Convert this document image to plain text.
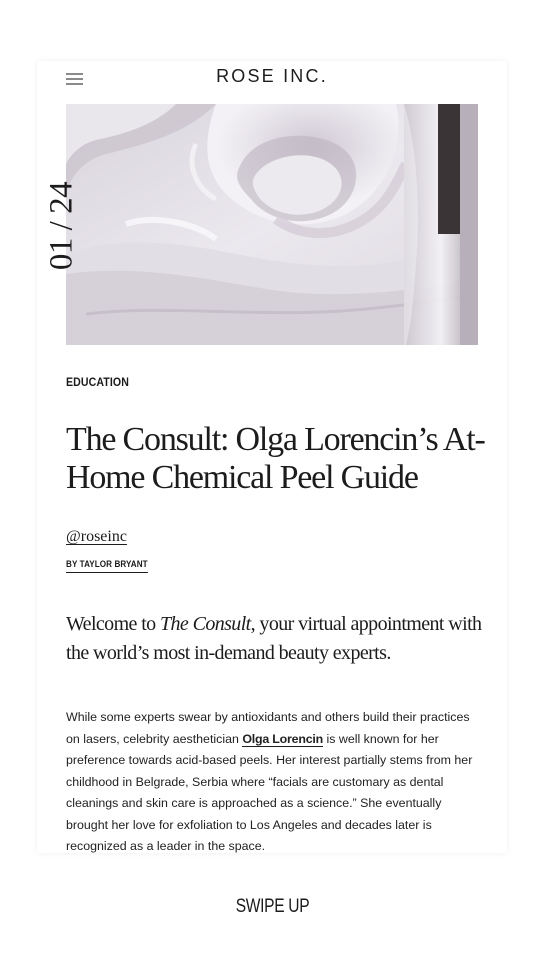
ROSE INC.
The Consult: Olga Lorencin’s At-Home Chemical Peel Guide
EDUCATION
@roseinc
BY TAYLOR BRYANT
Welcome to The Consult, your virtual appointment with the world’s most in-demand beauty experts.
While some experts swear by antioxidants and others build their practices on lasers, celebrity aesthetician Olga Lorencin is well known for her preference towards acid-based peels. Her interest partially stems from her childhood in Belgrade, Serbia where “facials are customary as dental cleanings and skin care is approached as a science.” She eventually brought her love for exfoliation to Los Angeles and decades later is recognized as a leader in the space.
01 / 24
SWIPE UP
